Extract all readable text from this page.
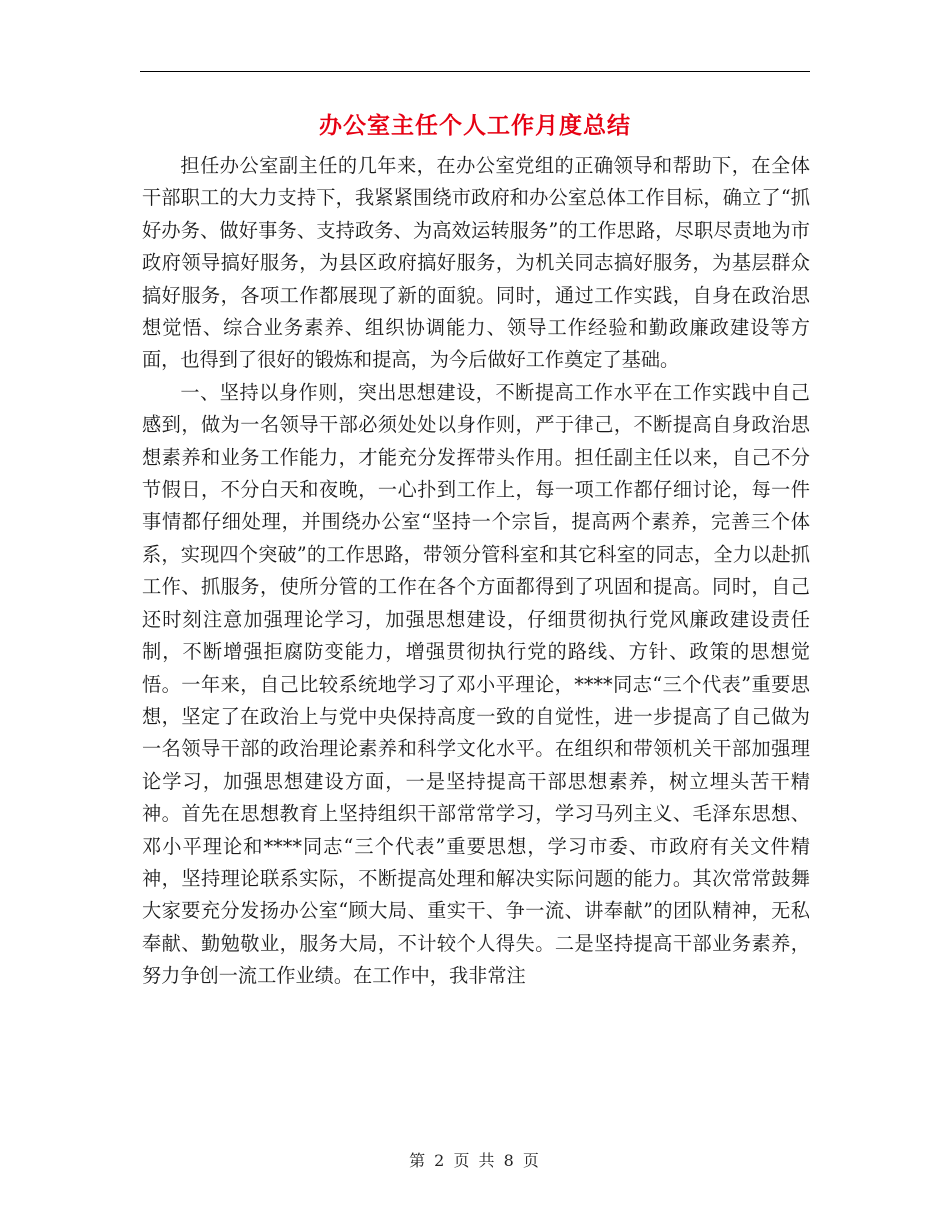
办公室主任个人工作月度总结

担任办公室副主任的几年来，在办公室党组的正确领导和帮助下，在全体干部职工的大力支持下，我紧紧围绕市政府和办公室总体工作目标，确立了“抓好办务、做好事务、支持政务、为高效运转服务”的工作思路，尽职尽责地为市政府领导搞好服务，为县区政府搞好服务，为机关同志搞好服务，为基层群众搞好服务，各项工作都展现了新的面貌。同时，通过工作实践，自身在政治思想觉悟、综合业务素养、组织协调能力、领导工作经验和勤政廉政建设等方面，也得到了很好的锻炼和提高，为今后做好工作奠定了基础。

一、坚持以身作则，突出思想建设，不断提高工作水平在工作实践中自己感到，做为一名领导干部必须处处以身作则，严于律己，不断提高自身政治思想素养和业务工作能力，才能充分发挥带头作用。担任副主任以来，自己不分节假日，不分白天和夜晚，一心扑到工作上，每一项工作都仔细讨论，每一件事情都仔细处理，并围绕办公室“坚持一个宗旨，提高两个素养，完善三个体系，实现四个突破”的工作思路，带领分管科室和其它科室的同志，全力以赴抓工作、抓服务，使所分管的工作在各个方面都得到了巩固和提高。同时，自己还时刻注意加强理论学习，加强思想建设，仔细贯彻执行党风廉政建设责任制，不断增强拒腐防变能力，增强贯彻执行党的路线、方针、政策的思想觉悟。一年来，自己比较系统地学习了邓小平理论，****同志“三个代表”重要思想，坚定了在政治上与党中央保持高度一致的自觉性，进一步提高了自己做为一名领导干部的政治理论素养和科学文化水平。在组织和带领机关干部加强理论学习，加强思想建设方面，一是坚持提高干部思想素养，树立埋头苦干精神。首先在思想教育上坚持组织干部常常学习，学习马列主义、毛泽东思想、邓小平理论和****同志“三个代表”重要思想，学习市委、市政府有关文件精神，坚持理论联系实际，不断提高处理和解决实际问题的能力。其次常常鼓舞大家要充分发扬办公室“顾大局、重实干、争一流、讲奉献”的团队精神，无私奉献、勤勉敬业，服务大局，不计较个人得失。二是坚持提高干部业务素养，努力争创一流工作业绩。在工作中，我非常注

第 2 页 共 8 页
